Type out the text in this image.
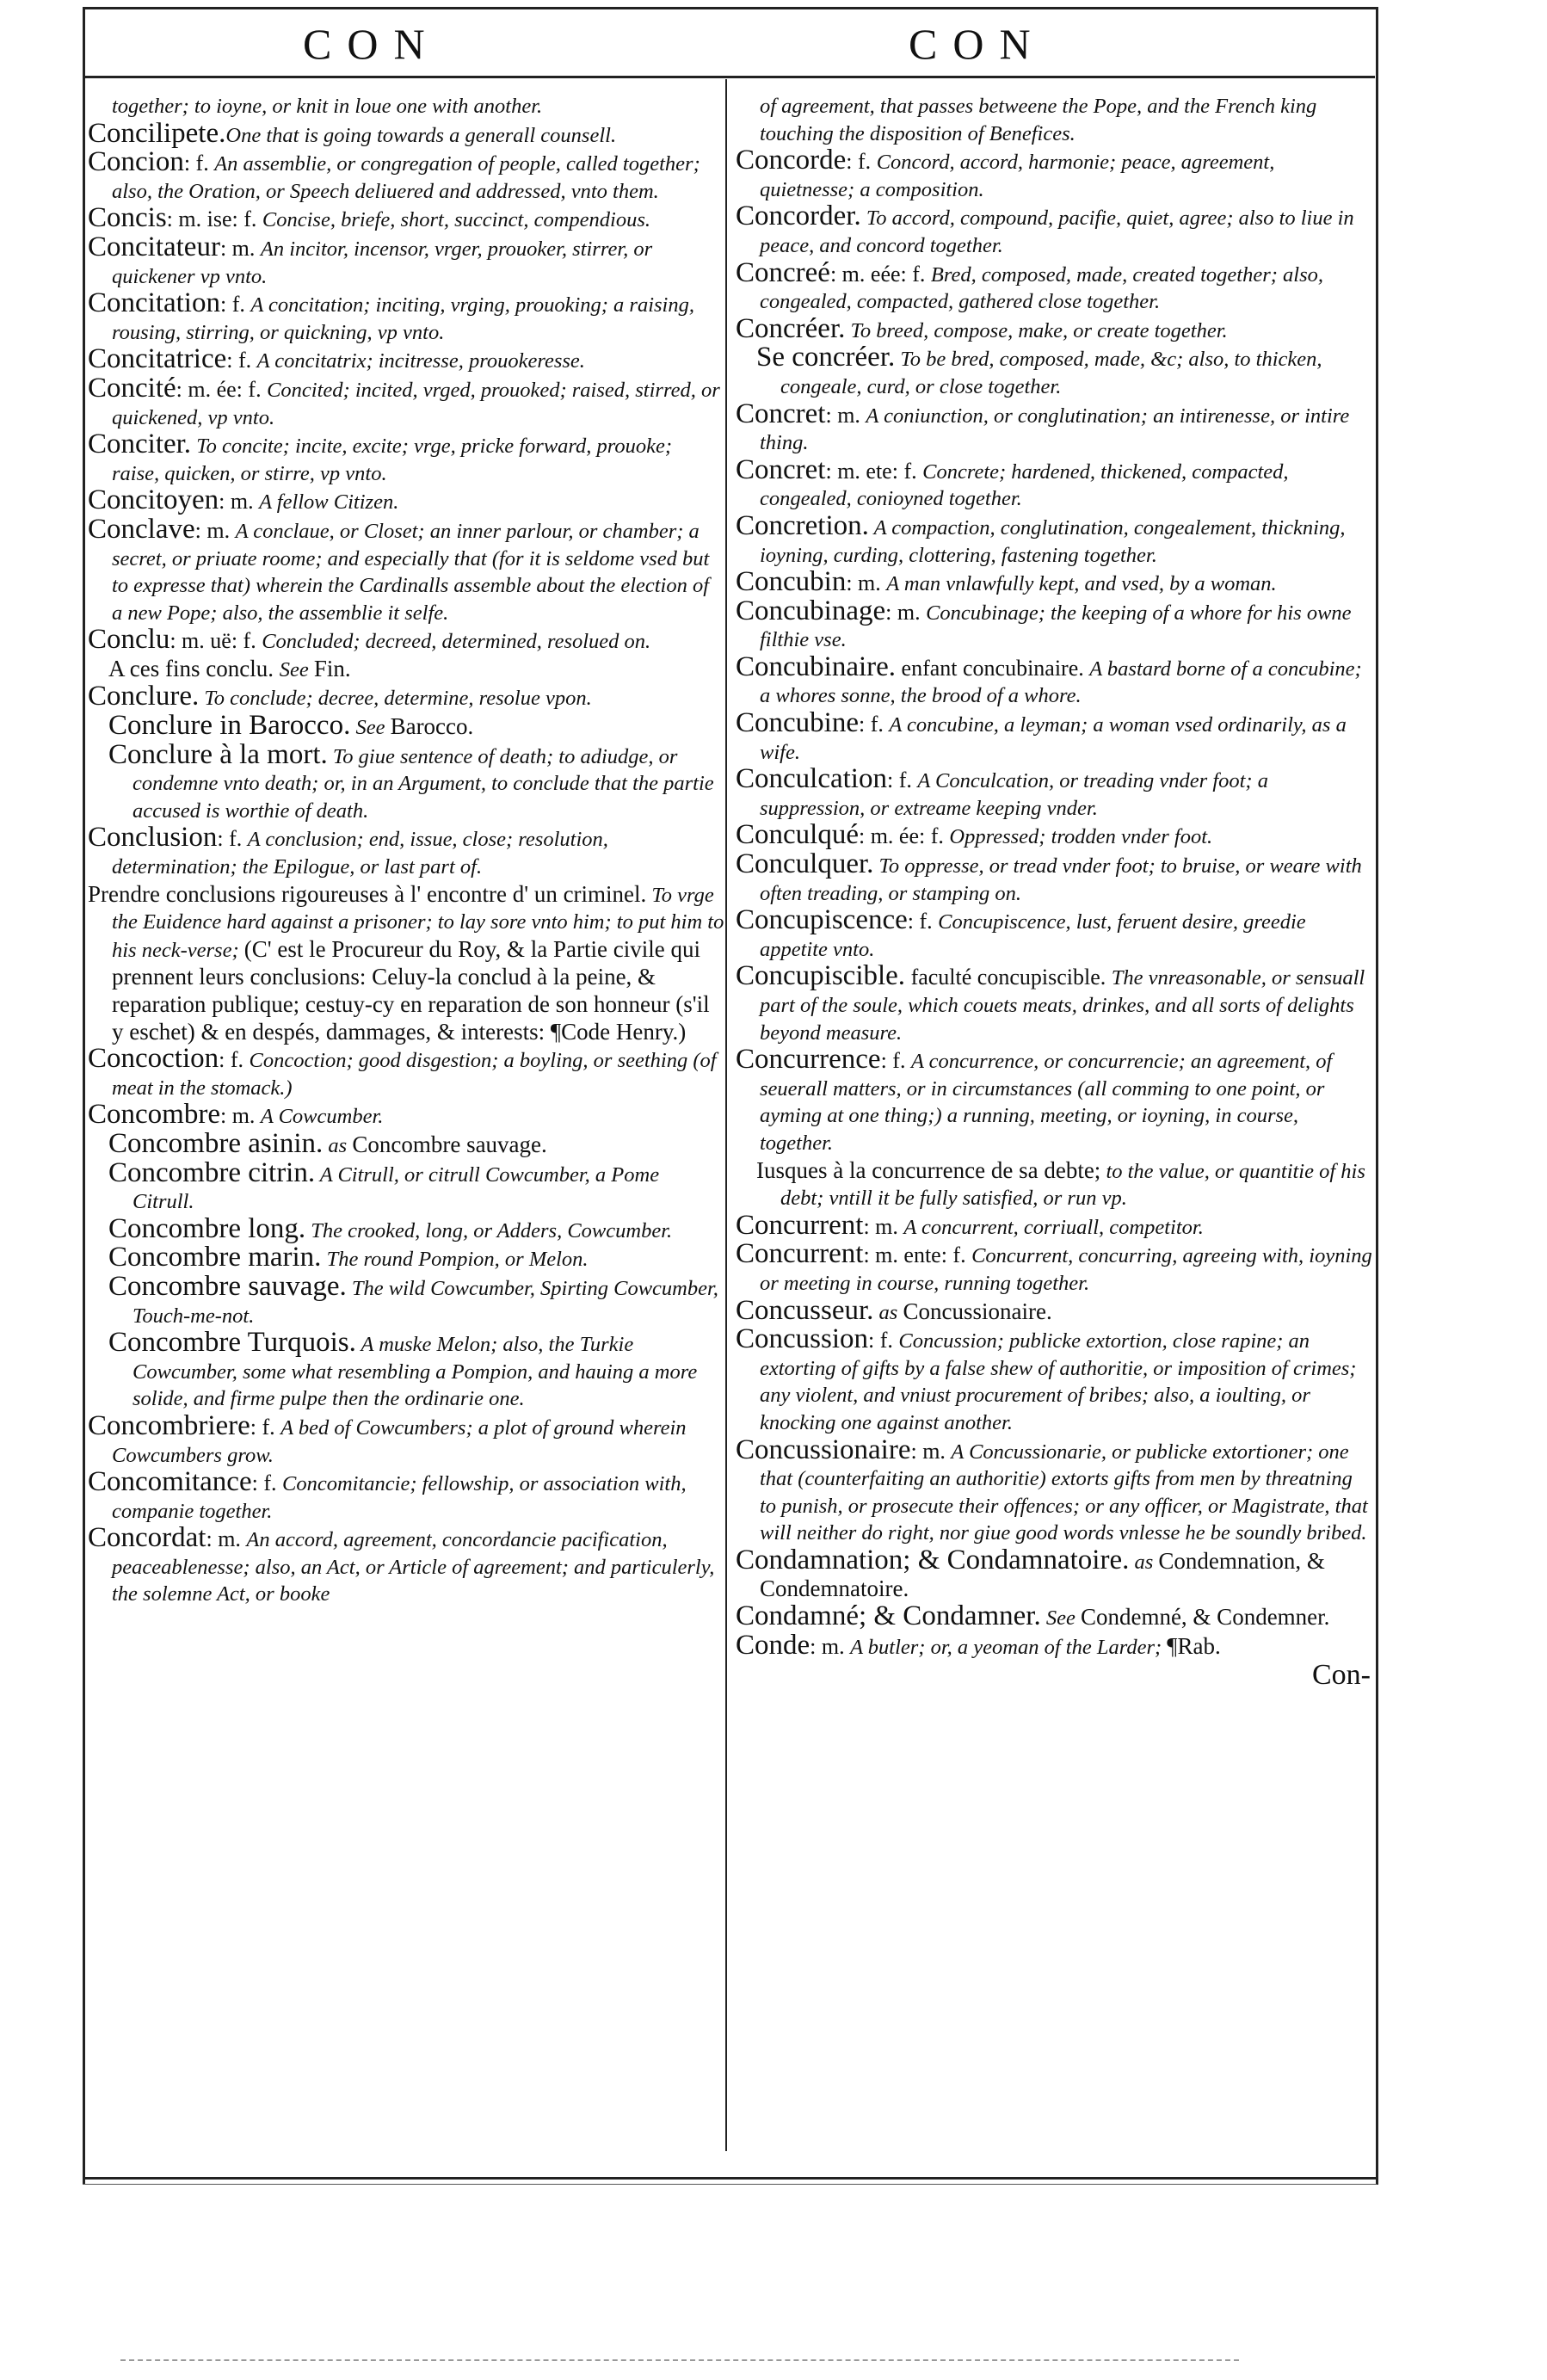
CON	CON

together; to ioyne, or knit in loue one with another.

Concilipete.One that is going towards a generall counsell.

Concion: f. An assemblie, or congregation of people, called together; also, the Oration, or Speech deliuered and addressed, vnto them.

Concis: m. ise: f. Concise, briefe, short, succinct, compendious.

Concitateur: m. An incitor, incensor, vrger, prouoker, stirrer, or quickener vp vnto.

Concitation: f. A concitation; inciting, vrging, prouoking; a raising, rousing, stirring, or quickning, vp vnto.

Concitatrice: f. A concitatrix; incitresse, prouokeresse.

Concité: m. ée: f. Concited; incited, vrged, prouoked; raised, stirred, or quickened, vp vnto.

Conciter. To concite; incite, excite; vrge, pricke forward, prouoke; raise, quicken, or stirre, vp vnto.

Concitoyen: m. A fellow Citizen.

Conclave: m. A conclaue, or Closet; an inner parlour, or chamber; a secret, or priuate roome; and especially that (for it is seldome vsed but to expresse that) wherein the Cardinalls assemble about the election of a new Pope; also, the assemblie it selfe.

Conclu: m. uë: f. Concluded; decreed, determined, resolued on.

A ces fins conclu. See Fin.

Conclure. To conclude; decree, determine, resolue vpon.

Conclure in Barocco. See Barocco.

Conclure à la mort. To giue sentence of death; to adiudge, or condemne vnto death; or, in an Argument, to conclude that the partie accused is worthie of death.

Conclusion: f. A conclusion; end, issue, close; resolution, determination; the Epilogue, or last part of.

Prendre conclusions rigoureuses à l' encontre d' un criminel. To vrge the Euidence hard against a prisoner; to lay sore vnto him; to put him to his neck-verse; (C' est le Procureur du Roy, & la Partie civile qui prennent leurs conclusions: Celuy-la conclud à la peine, & reparation publique; cestuy-cy en reparation de son honneur (s'il y eschet) & en despés, dammages, & interests: ¶Code Henry.)

Concoction: f. Concoction; good disgestion; a boyling, or seething (of meat in the stomack.)

Concombre: m. A Cowcumber.

Concombre asinin. as Concombre sauvage.

Concombre citrin. A Citrull, or citrull Cowcumber, a Pome Citrull.

Concombre long. The crooked, long, or Adders, Cowcumber.

Concombre marin. The round Pompion, or Melon.

Concombre sauvage. The wild Cowcumber, Spirting Cowcumber, Touch-me-not.

Concombre Turquois. A muske Melon; also, the Turkie Cowcumber, some what resembling a Pompion, and hauing a more solide, and firme pulpe then the ordinarie one.

Concombriere: f. A bed of Cowcumbers; a plot of ground wherein Cowcumbers grow.

Concomitance: f. Concomitancie; fellowship, or association with, companie together.

Concordat: m. An accord, agreement, concordancie pacification, peaceablenesse; also, an Act, or Article of agreement; and particulerly, the solemne Act, or booke

of agreement, that passes betweene the Pope, and the French king touching the disposition of Benefices.

Concorde: f. Concord, accord, harmonie; peace, agreement, quietnesse; a composition.

Concorder. To accord, compound, pacifie, quiet, agree; also to liue in peace, and concord together.

Concreé: m. eée: f. Bred, composed, made, created together; also, congealed, compacted, gathered close together.

Concréer. To breed, compose, make, or create together.

Se concréer. To be bred, composed, made, &c; also, to thicken, congeale, curd, or close together.

Concret: m. A coniunction, or conglutination; an intirenesse, or intire thing.

Concret: m. ete: f. Concrete; hardened, thickened, compacted, congealed, conioyned together.

Concretion. A compaction, conglutination, congealement, thickning, ioyning, curding, clottering, fastening together.

Concubin: m. A man vnlawfully kept, and vsed, by a woman.

Concubinage: m. Concubinage; the keeping of a whore for his owne filthie vse.

Concubinaire. enfant concubinaire. A bastard borne of a concubine; a whores sonne, the brood of a whore.

Concubine: f. A concubine, a leyman; a woman vsed ordinarily, as a wife.

Conculcation: f. A Conculcation, or treading vnder foot; a suppression, or extreame keeping vnder.

Conculqué: m. ée: f. Oppressed; trodden vnder foot.

Conculquer. To oppresse, or tread vnder foot; to bruise, or weare with often treading, or stamping on.

Concupiscence: f. Concupiscence, lust, feruent desire, greedie appetite vnto.

Concupiscible. faculté concupiscible. The vnreasonable, or sensuall part of the soule, which couets meats, drinkes, and all sorts of delights beyond measure.

Concurrence: f. A concurrence, or concurrencie; an agreement, of seuerall matters, or in circumstances (all comming to one point, or ayming at one thing;) a running, meeting, or ioyning, in course, together.

Iusques à la concurrence de sa debte; to the value, or quantitie of his debt; vntill it be fully satisfied, or run vp.

Concurrent: m. A concurrent, corriuall, competitor.

Concurrent: m. ente: f. Concurrent, concurring, agreeing with, ioyning or meeting in course, running together.

Concusseur. as Concussionaire.

Concussion: f. Concussion; publicke extortion, close rapine; an extorting of gifts by a false shew of authoritie, or imposition of crimes; any violent, and vniust procurement of bribes; also, a ioulting, or knocking one against another.

Concussionaire: m. A Concussionarie, or publicke extortioner; one that (counterfaiting an authoritie) extorts gifts from men by threatning to punish, or prosecute their offences; or any officer, or Magistrate, that will neither do right, nor giue good words vnlesse he be soundly bribed.

Condamnation; & Condamnatoire. as Condemnation, & Condemnatoire.

Condamné; & Condamner. See Condemné, & Condemner.

Conde: m. A butler; or, a yeoman of the Larder; ¶Rab.

Con-
